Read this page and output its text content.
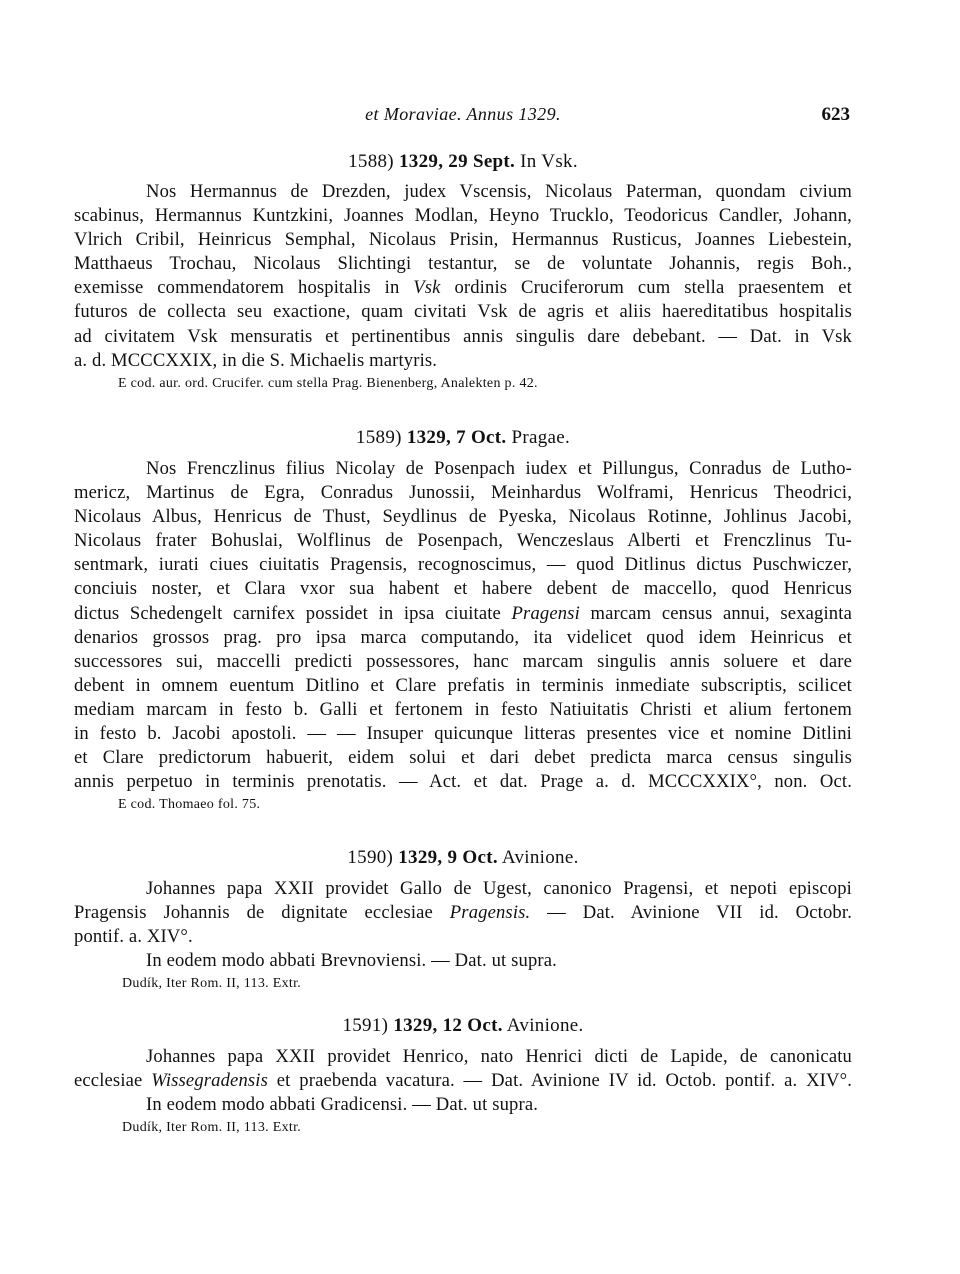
et Moraviae. Annus 1329.	623
1588) 1329, 29 Sept. In Vsk.
Nos Hermannus de Drezden, judex Vscensis, Nicolaus Paterman, quondam civium
scabinus, Hermannus Kuntzkini, Joannes Modlan, Heyno Trucklo, Teodoricus Candler, Johann,
Vlrich Cribil, Heinricus Semphal, Nicolaus Prisin, Hermannus Rusticus, Joannes Liebestein,
Matthaeus Trochau, Nicolaus Slichtingi testantur, se de voluntate Johannis, regis Boh.,
exemisse commendatorem hospitalis in Vsk ordinis Cruciferorum cum stella praesentem et
futuros de collecta seu exactione, quam civitati Vsk de agris et aliis haereditatibus hospitalis
ad civitatem Vsk mensuratis et pertinentibus annis singulis dare debebant. — Dat. in Vsk
a. d. MCCCXXIX, in die S. Michaelis martyris.
E cod. aur. ord. Crucifer. cum stella Prag. Bienenberg, Analekten p. 42.
1589) 1329, 7 Oct. Pragae.
Nos Frenczlinus filius Nicolay de Posenpach iudex et Pillungus, Conradus de Lutho-
mericz, Martinus de Egra, Conradus Junossii, Meinhardus Wolframi, Henricus Theodrici,
Nicolaus Albus, Henricus de Thust, Seydlinus de Pyeska, Nicolaus Rotinne, Johlinus Jacobi,
Nicolaus frater Bohuslai, Wolflinus de Posenpach, Wenczeslaus Alberti et Frenczlinus Tu-
sentmark, iurati ciues ciuitatis Pragensis, recognoscimus, — quod Ditlinus dictus Puschwiczer,
conciuis noster, et Clara vxor sua habent et habere debent de maccello, quod Henricus
dictus Schedengelt carnifex possidet in ipsa ciuitate Pragensi marcam census annui, sexaginta
denarios grossos prag. pro ipsa marca computando, ita videlicet quod idem Heinricus et
successores sui, maccelli predicti possessores, hanc marcam singulis annis soluere et dare
debent in omnem euentum Ditlino et Clare prefatis in terminis inmediate subscriptis, scilicet
mediam marcam in festo b. Galli et fertonem in festo Natiuitatis Christi et alium fertonem
in festo b. Jacobi apostoli. — — Insuper quicunque litteras presentes vice et nomine Ditlini
et Clare predictorum habuerit, eidem solui et dari debet predicta marca census singulis
annis perpetuo in terminis prenotatis. — Act. et dat. Prage a. d. MCCCXXIX°, non. Oct.
E cod. Thomaeo fol. 75.
1590) 1329, 9 Oct. Avinione.
Johannes papa XXII providet Gallo de Ugest, canonico Pragensi, et nepoti episcopi
Pragensis Johannis de dignitate ecclesiae Pragensis. — Dat. Avinione VII id. Octobr.
pontif. a. XIV°.
In eodem modo abbati Brevnoviensi. — Dat. ut supra.
Dudík, Iter Rom. II, 113. Extr.
1591) 1329, 12 Oct. Avinione.
Johannes papa XXII providet Henrico, nato Henrici dicti de Lapide, de canonicatu
ecclesiae Wissegradensis et praebenda vacatura. — Dat. Avinione IV id. Octob. pontif. a. XIV°.
In eodem modo abbati Gradicensi. — Dat. ut supra.
Dudík, Iter Rom. II, 113. Extr.
